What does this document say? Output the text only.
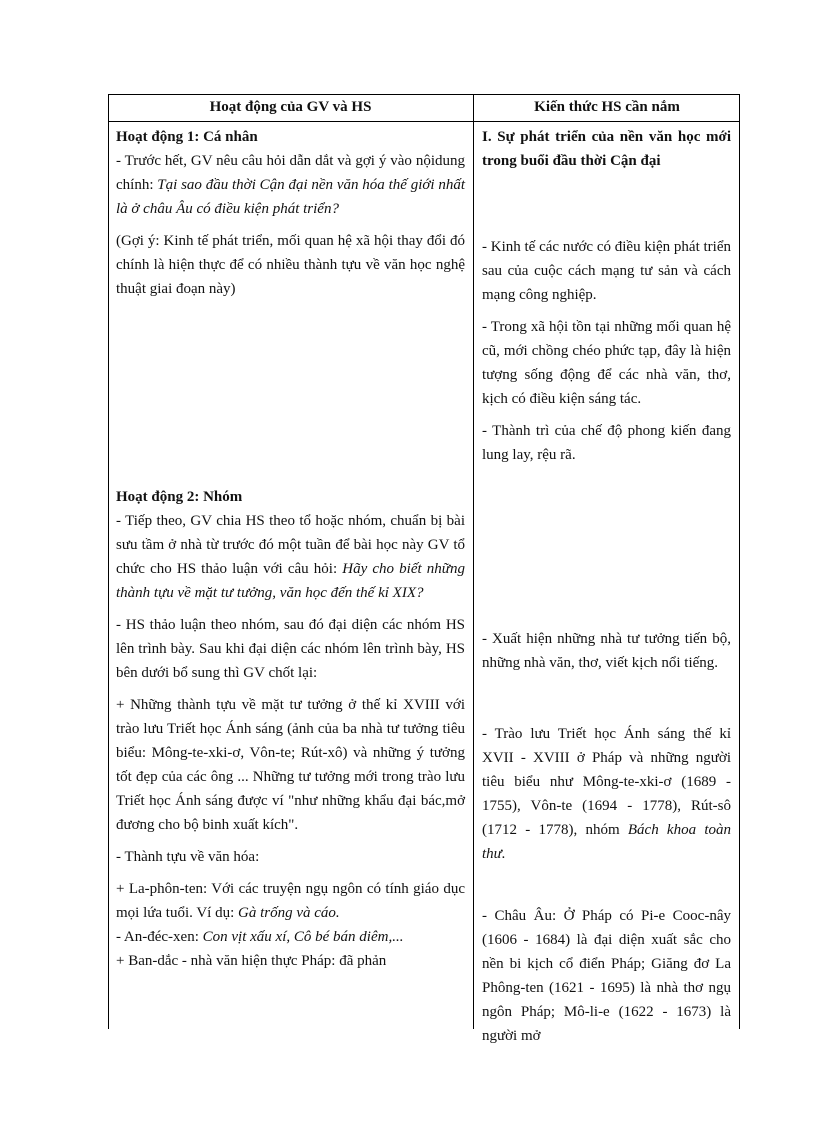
Hoạt động của GV và HS	Kiến thức HS cần nắm

Hoạt động 1: Cá nhân

- Trước hết, GV nêu câu hỏi dẫn dắt và gợi ý vào nộidung chính: Tại sao đầu thời Cận đại nền văn hóa thế giới nhất là ở châu Âu có điều kiện phát triển?

(Gợi ý: Kinh tế phát triển, mối quan hệ xã hội thay đổi đó chính là hiện thực để có nhiều thành tựu về văn học nghệ thuật giai đoạn này)

I. Sự phát triển của nền văn học mới trong buổi đầu thời Cận đại

- Kinh tế các nước có điều kiện phát triển sau của cuộc cách mạng tư sản và cách mạng công nghiệp.

- Trong xã hội tồn tại những mối quan hệ cũ, mới chồng chéo phức tạp, đây là hiện tượng sống động để các nhà văn, thơ, kịch có điều kiện sáng tác.

- Thành trì của chế độ phong kiến đang lung lay, rệu rã.

Hoạt động 2: Nhóm

- Tiếp theo, GV chia HS theo tổ hoặc nhóm, chuẩn bị bài sưu tầm ở nhà từ trước đó một tuần để bài học này GV tổ chức cho HS thảo luận với câu hỏi: Hãy cho biết những thành tựu về mặt tư tưởng, văn học đến thế kỉ XIX?

- HS thảo luận theo nhóm, sau đó đại diện các nhóm HS lên trình bày. Sau khi đại diện các nhóm lên trình bày, HS bên dưới bổ sung thì GV chốt lại:

+ Những thành tựu về mặt tư tưởng ở thế kỉ XVIII với trào lưu Triết học Ánh sáng (ảnh của ba nhà tư tưởng tiêu biểu: Mông-te-xki-ơ, Vôn-te; Rút-xô) và những ý tưởng tốt đẹp của các ông ... Những tư tưởng mới trong trào lưu Triết học Ánh sáng được ví "như những khẩu đại bác,mở đương cho bộ binh xuất kích".

- Thành tựu về văn hóa:

+ La-phôn-ten: Với các truyện ngụ ngôn có tính giáo dục mọi lứa tuổi. Ví dụ: Gà trống và cáo.

- An-đéc-xen: Con vịt xấu xí, Cô bé bán diêm,...

+ Ban-dắc - nhà văn hiện thực Pháp: đã phản

- Xuất hiện những nhà tư tưởng tiến bộ, những nhà văn, thơ, viết kịch nổi tiếng.

- Trào lưu Triết học Ánh sáng thế kỉ XVII - XVIII ở Pháp và những người tiêu biểu như Mông-te-xki-ơ (1689 - 1755), Vôn-te (1694 - 1778), Rút-sô (1712 - 1778), nhóm Bách khoa toàn thư.

- Châu Âu: Ở Pháp có Pi-e Cooc-nây (1606 - 1684) là đại diện xuất sắc cho nền bi kịch cổ điển Pháp; Giăng đơ La Phông-ten (1621 - 1695) là nhà thơ ngụ ngôn Pháp; Mô-li-e (1622 - 1673) là người mở
